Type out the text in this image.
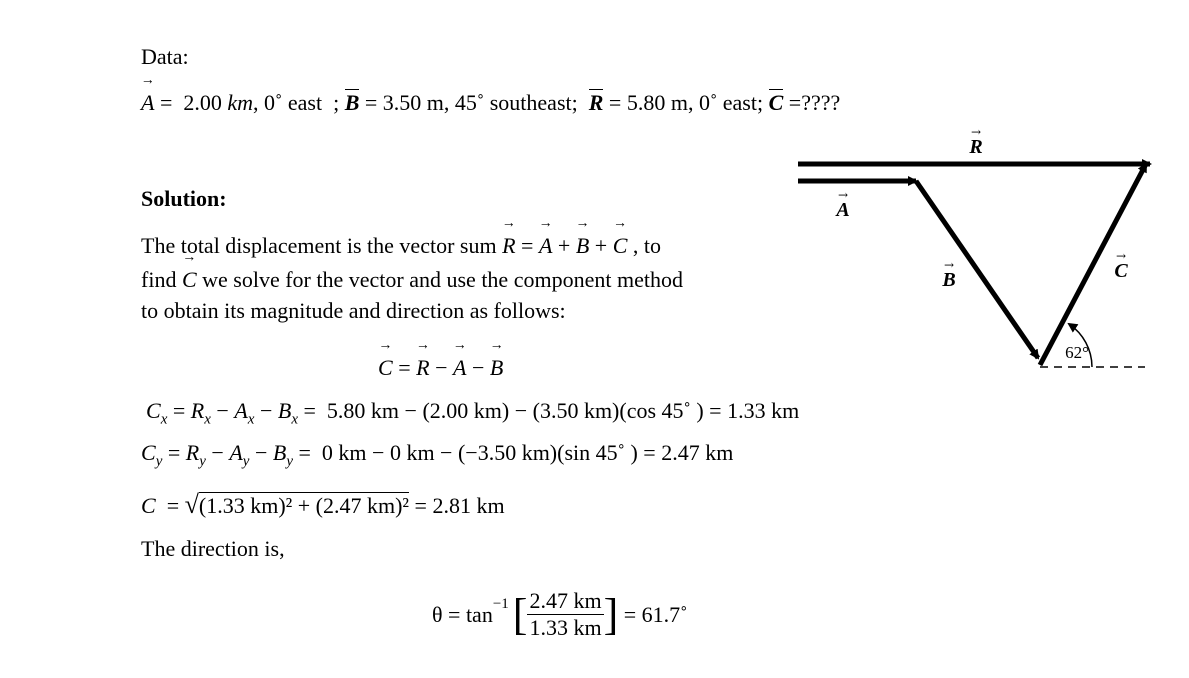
Data:
→ A =  2.00 km, 0˚ east  ; B = 3.50 m, 45˚ southeast; R = 5.80 m, 0˚ east; C =????
Solution:
The total displacement is the vector sum → R = → A + → B + → C , to
find → C we solve for the vector and use the component method
to obtain its magnitude and direction as follows:
→ C = → R − → A − → B
$C_x = R_x - A_x - B_x = 5.80$ km − (2.00 km) − (3.50 km)(cos 45˚ ) = 1.33 km
$C_y = R_y - A_y - B_y = 0$ km − 0 km − (−3.50 km)(sin 45˚ ) = 2.47 km
C  = √(1.33 km)² + (2.47 km)² = 2.81 km
The direction is,
$\theta = \tan^{-1}$ [ $\frac{2.47 km}{1.33 km}$ ]
= 61.7˚
R
→
A
→
B
→	C
→
62°
